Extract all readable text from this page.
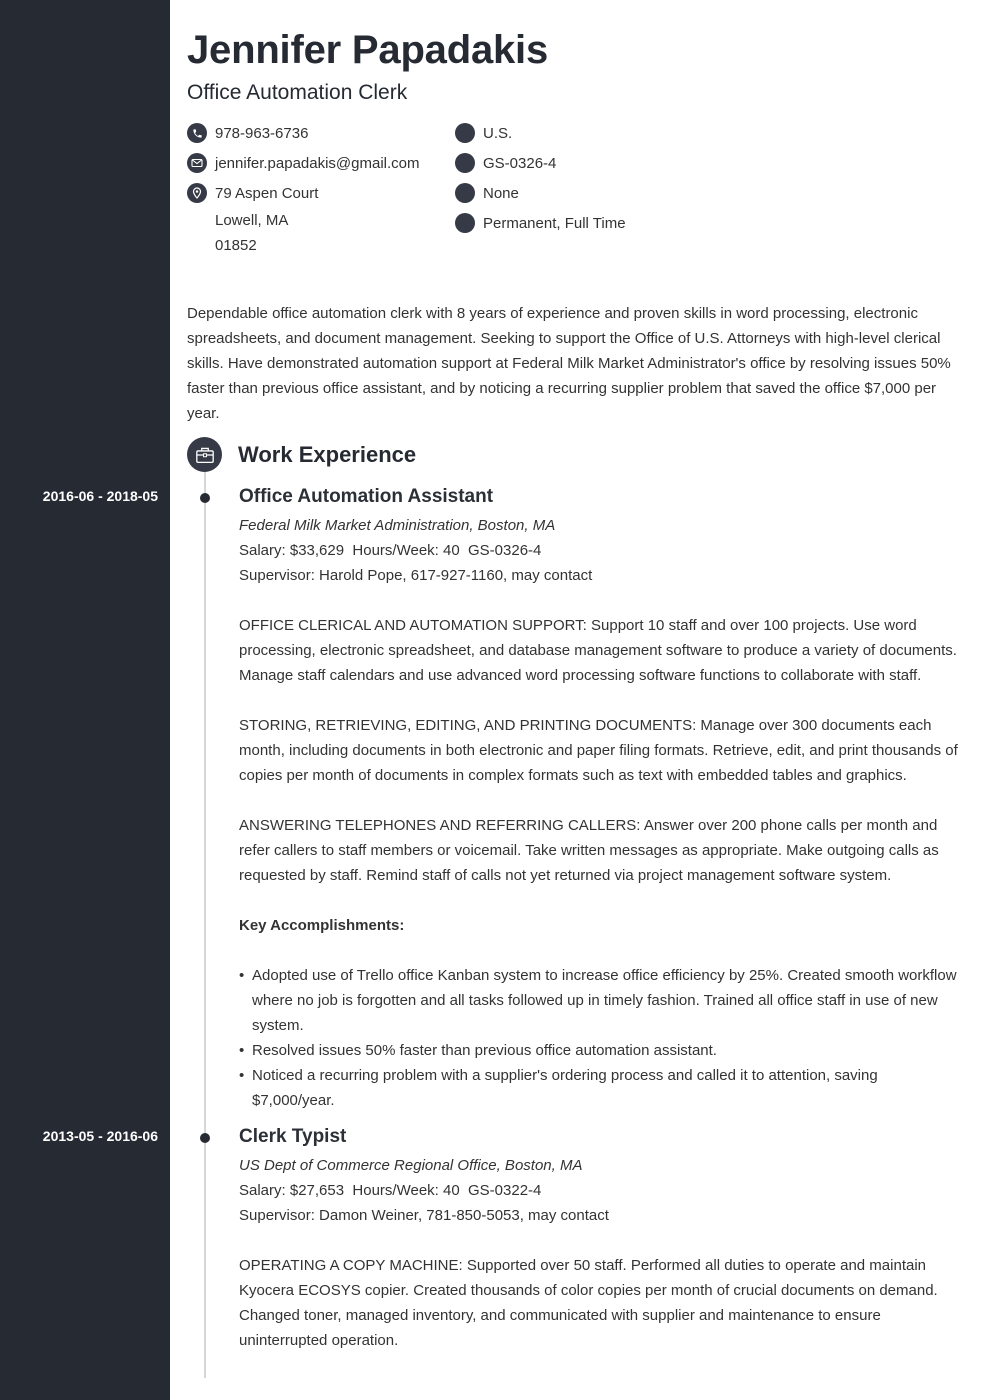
Jennifer Papadakis
Office Automation Clerk
978-963-6736
jennifer.papadakis@gmail.com
79 Aspen Court
Lowell, MA
01852
U.S.
GS-0326-4
None
Permanent, Full Time

Dependable office automation clerk with 8 years of experience and proven skills in word processing, electronic spreadsheets, and document management. Seeking to support the Office of U.S. Attorneys with high-level clerical skills. Have demonstrated automation support at Federal Milk Market Administrator's office by resolving issues 50% faster than previous office assistant, and by noticing a recurring supplier problem that saved the office $7,000 per year.

Work Experience
2016-06 - 2018-05	Office Automation Assistant
Federal Milk Market Administration, Boston, MA
Salary: $33,629  Hours/Week: 40  GS-0326-4
Supervisor: Harold Pope, 617-927-1160, may contact

OFFICE CLERICAL AND AUTOMATION SUPPORT: Support 10 staff and over 100 projects. Use word processing, electronic spreadsheet, and database management software to produce a variety of documents. Manage staff calendars and use advanced word processing software functions to collaborate with staff.

STORING, RETRIEVING, EDITING, AND PRINTING DOCUMENTS: Manage over 300 documents each month, including documents in both electronic and paper filing formats. Retrieve, edit, and print thousands of copies per month of documents in complex formats such as text with embedded tables and graphics.

ANSWERING TELEPHONES AND REFERRING CALLERS: Answer over 200 phone calls per month and refer callers to staff members or voicemail. Take written messages as appropriate. Make outgoing calls as requested by staff. Remind staff of calls not yet returned via project management software system.

Key Accomplishments:

• Adopted use of Trello office Kanban system to increase office efficiency by 25%. Created smooth workflow where no job is forgotten and all tasks followed up in timely fashion. Trained all office staff in use of new system.
• Resolved issues 50% faster than previous office automation assistant.
• Noticed a recurring problem with a supplier's ordering process and called it to attention, saving $7,000/year.
2013-05 - 2016-06	Clerk Typist
US Dept of Commerce Regional Office, Boston, MA
Salary: $27,653  Hours/Week: 40  GS-0322-4
Supervisor: Damon Weiner, 781-850-5053, may contact

OPERATING A COPY MACHINE: Supported over 50 staff. Performed all duties to operate and maintain Kyocera ECOSYS copier. Created thousands of color copies per month of crucial documents on demand. Changed toner, managed inventory, and communicated with supplier and maintenance to ensure uninterrupted operation.
